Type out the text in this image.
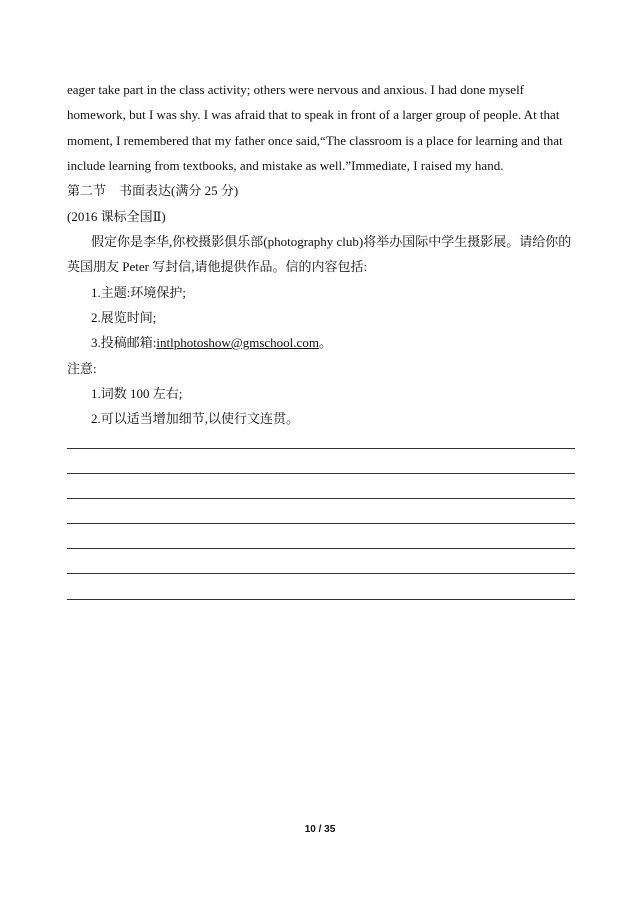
eager take part in the class activity; others were nervous and anxious. I had done myself
homework, but I was shy. I was afraid that to speak in front of a larger group of people. At that
moment, I remembered that my father once said,“The classroom is a place for learning and that
include learning from textbooks, and mistake as well.”Immediate, I raised my hand.
第二节　书面表达(满分 25 分)
(2016 课标全国Ⅱ)
假定你是李华,你校摄影俱乐部(photography club)将举办国际中学生摄影展。请给你的
英国朋友 Peter 写封信,请他提供作品。信的内容包括:
1.主题:环境保护;
2.展览时间;
3.投稿邮箱:intlphotoshow@gmschool.com。
注意:
1.词数 100 左右;
2.可以适当增加细节,以使行文连贯。
10 / 35
